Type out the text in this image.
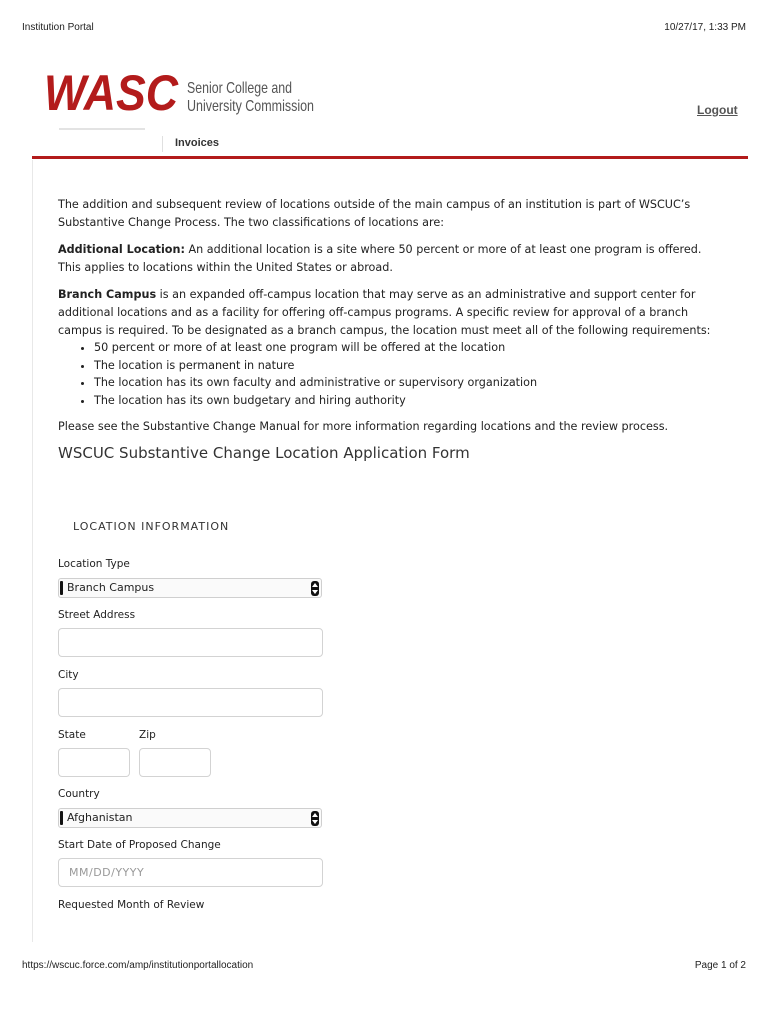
Institution Portal	10/27/17, 1:33 PM
WASC Senior College and
University Commission	Logout
Invoices

The addition and subsequent review of locations outside of the main campus of an institution is part of WSCUC’s Substantive Change Process. The two classifications of locations are:

Additional Location: An additional location is a site where 50 percent or more of at least one program is offered. This applies to locations within the United States or abroad.

Branch Campus is an expanded off-campus location that may serve as an administrative and support center for additional locations and as a facility for offering off-campus programs. A specific review for approval of a branch campus is required. To be designated as a branch campus, the location must meet all of the following requirements:

• 50 percent or more of at least one program will be offered at the location
• The location is permanent in nature
• The location has its own faculty and administrative or supervisory organization
• The location has its own budgetary and hiring authority

Please see the Substantive Change Manual for more information regarding locations and the review process.

WSCUC Substantive Change Location Application Form
LOCATION INFORMATION
Location Type
Branch Campus
Street Address
City
State	Zip
Country
Afghanistan
Start Date of Proposed Change
MM/DD/YYYY
Requested Month of Review
https://wscuc.force.com/amp/institutionportallocation	Page 1 of 2
